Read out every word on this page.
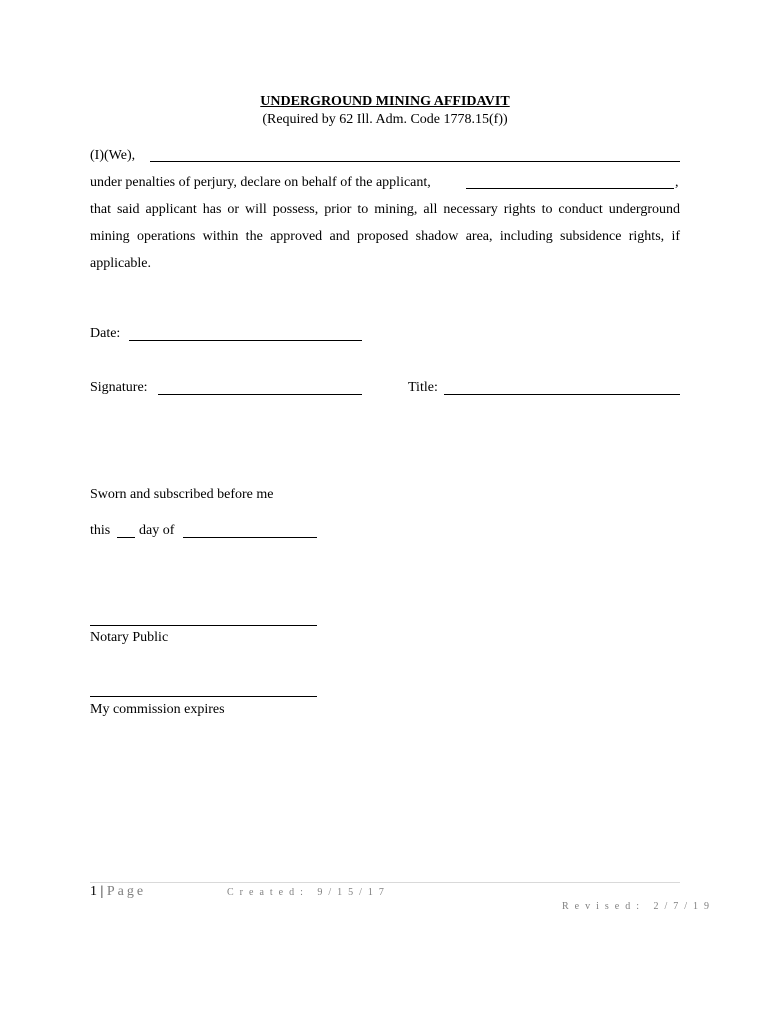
UNDERGROUND MINING AFFIDAVIT
(Required by 62 Ill. Adm. Code 1778.15(f))
(I)(We),
under penalties of perjury, declare on behalf of the applicant,	,
that said applicant has or will possess, prior to mining, all necessary rights to conduct underground mining operations within the approved and proposed shadow area, including subsidence rights, if applicable.
Date:
Signature:	Title:
Sworn and subscribed before me
this day of
Notary Public
My commission expires
1 | Page	Created: 9/15/17
Revised: 2/7/19
